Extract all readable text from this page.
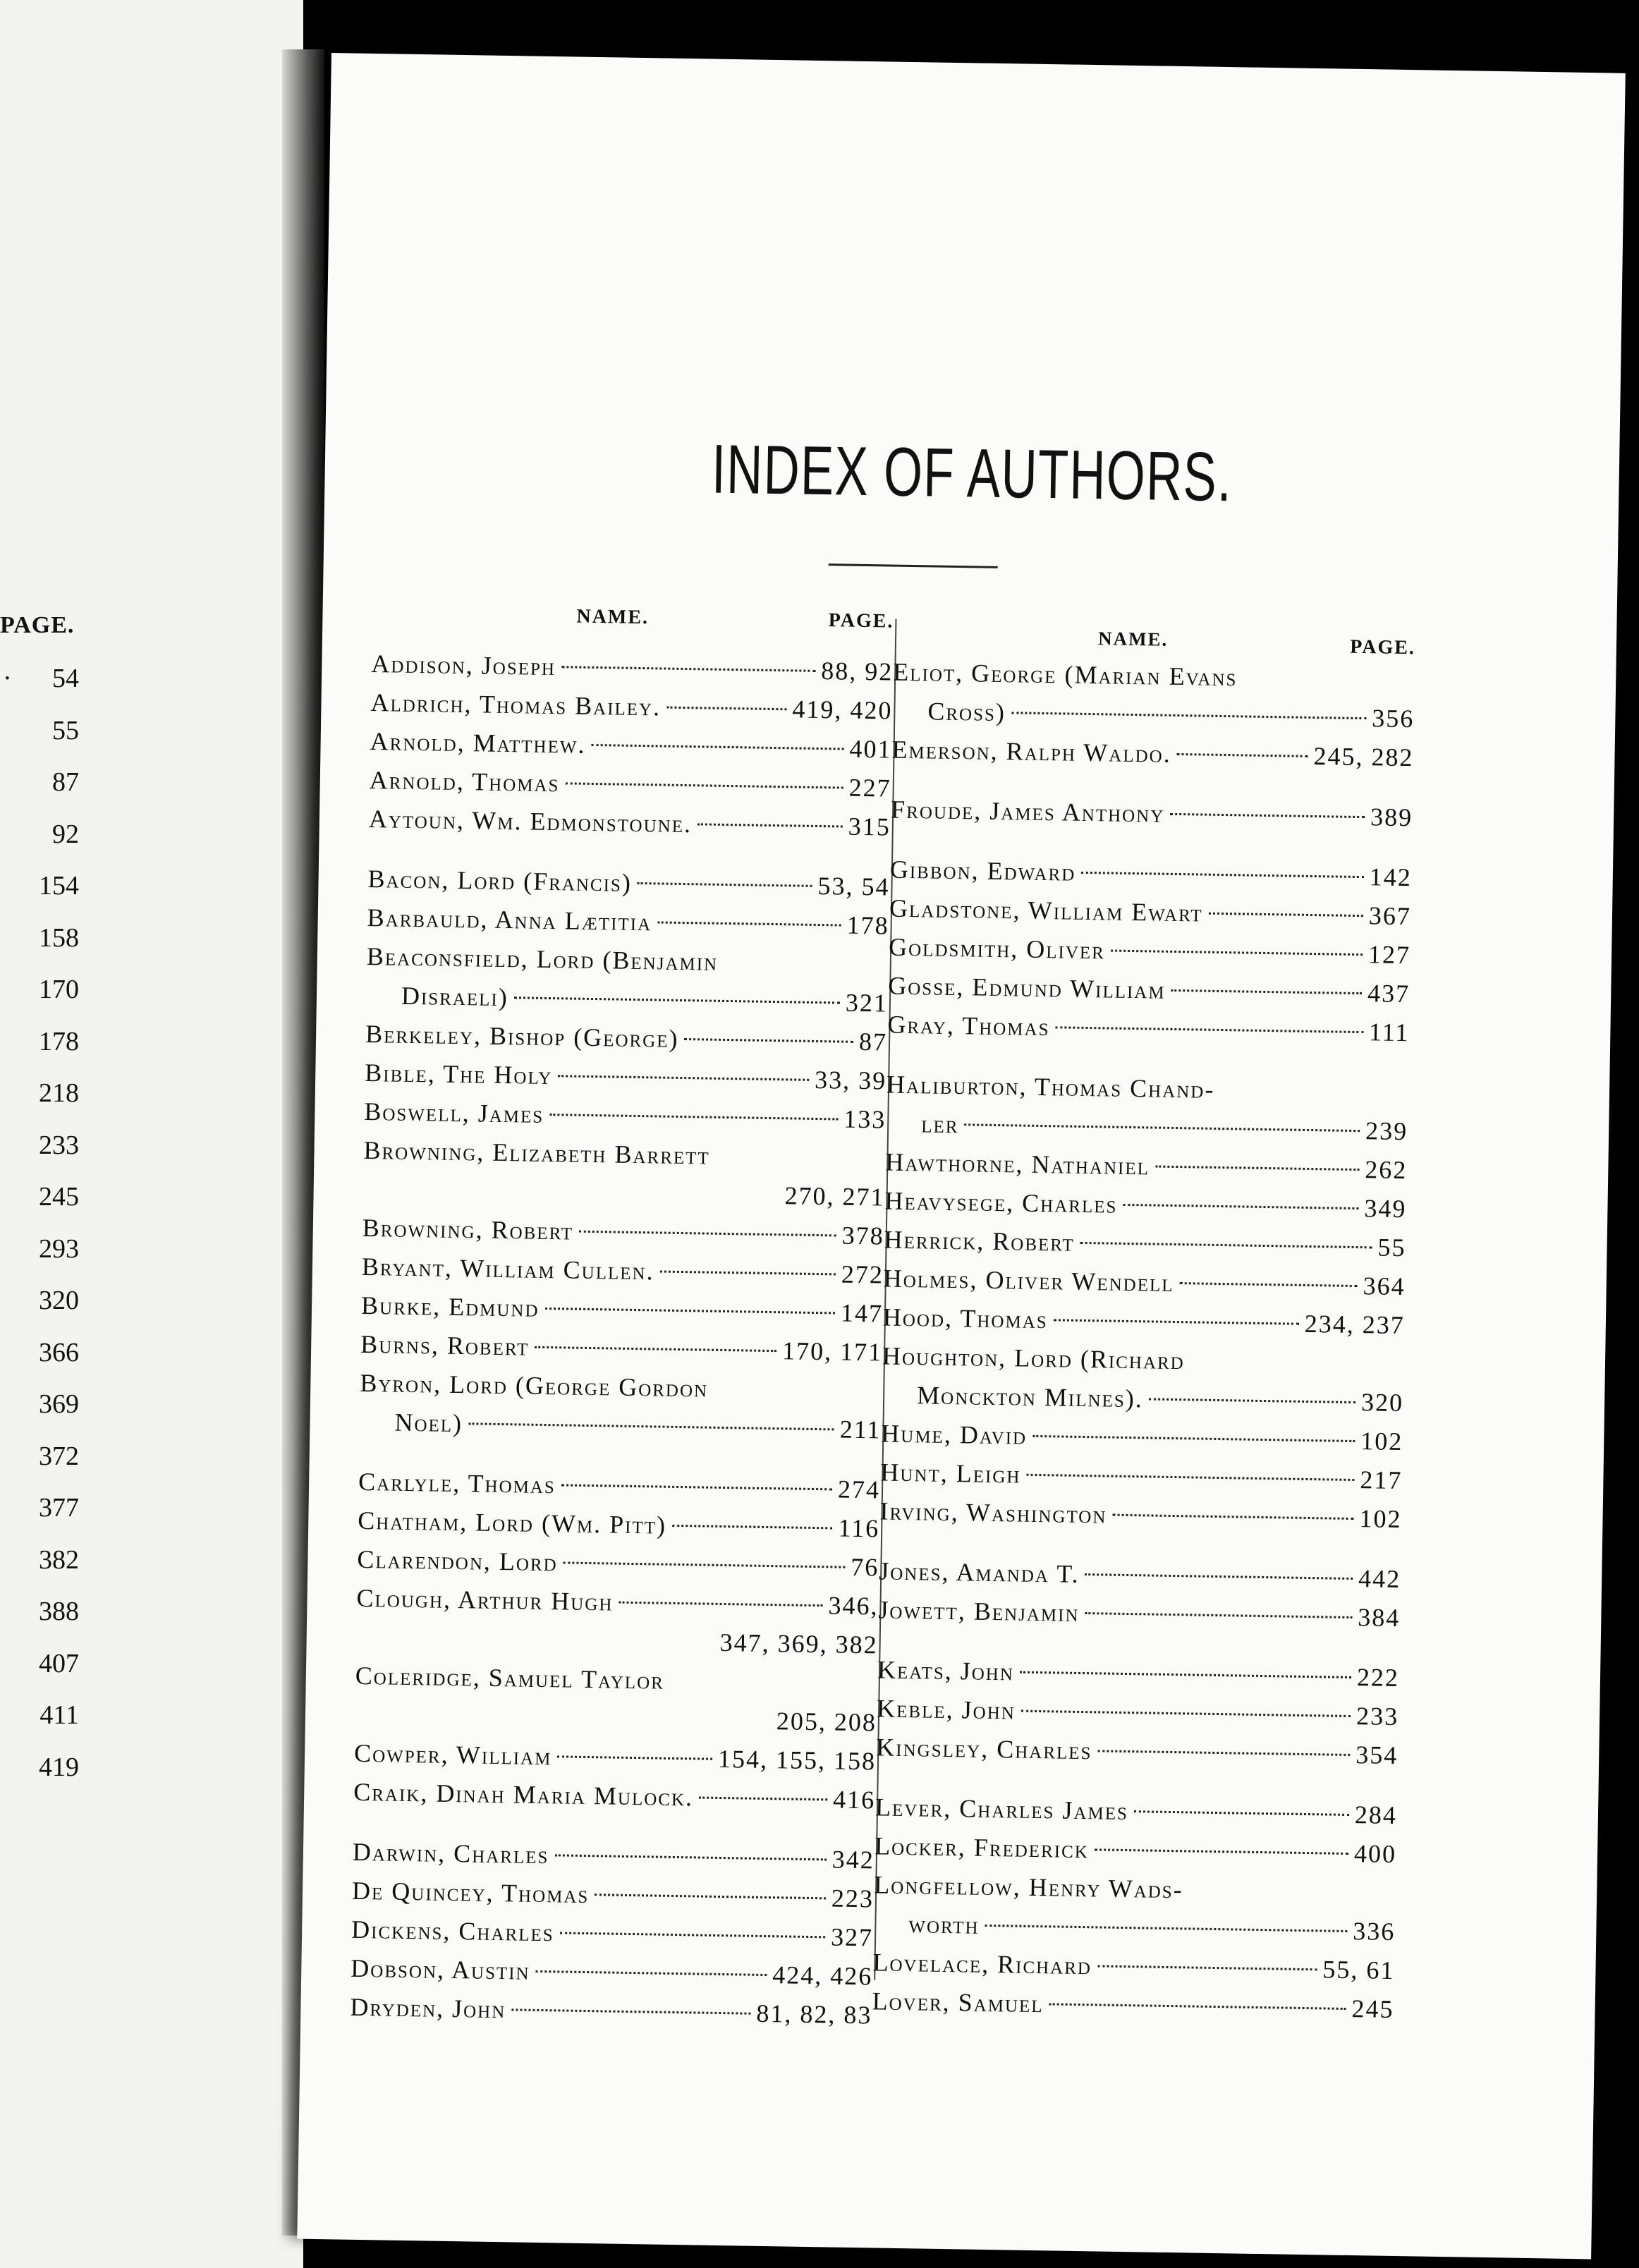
PAGE.
· 54
55
87
92
154
158
170
178
218
233
245
293
320
366
369
372
377
382
388
407
411
419
INDEX OF AUTHORS.
NAME.	PAGE.
Addison, Joseph	88, 92
Aldrich, Thomas Bailey.	419, 420
Arnold, Matthew.	401
Arnold, Thomas	227
Aytoun, Wm. Edmonstoune.	315
Bacon, Lord (Francis)	53, 54
Barbauld, Anna Lætitia	178
Beaconsfield, Lord (Benjamin
Disraeli)	321
Berkeley, Bishop (George)	87
Bible, The Holy	33, 39
Boswell, James	133
Browning, Elizabeth Barrett
270, 271
Browning, Robert	378
Bryant, William Cullen.	272
Burke, Edmund	147
Burns, Robert	170, 171
Byron, Lord (George Gordon
Noel)	211
Carlyle, Thomas	274
Chatham, Lord (Wm. Pitt)	116
Clarendon, Lord	76
Clough, Arthur Hugh	346,
347, 369, 382
Coleridge, Samuel Taylor
205, 208
Cowper, William	154, 155, 158
Craik, Dinah Maria Mulock.	416
Darwin, Charles	342
De Quincey, Thomas	223
Dickens, Charles	327
Dobson, Austin	424, 426
Dryden, John	81, 82, 83
NAME.	PAGE.
Eliot, George (Marian Evans
Cross)	356
Emerson, Ralph Waldo.	245, 282
Froude, James Anthony	389
Gibbon, Edward	142
Gladstone, William Ewart	367
Goldsmith, Oliver	127
Gosse, Edmund William	437
Gray, Thomas	111
Haliburton, Thomas Chand-
ler	239
Hawthorne, Nathaniel	262
Heavysege, Charles	349
Herrick, Robert	55
Holmes, Oliver Wendell	364
Hood, Thomas	234, 237
Houghton, Lord (Richard
Monckton Milnes).	320
Hume, David	102
Hunt, Leigh	217
Irving, Washington	102
Jones, Amanda T.	442
Jowett, Benjamin	384
Keats, John	222
Keble, John	233
Kingsley, Charles	354
Lever, Charles James	284
Locker, Frederick	400
Longfellow, Henry Wads-
worth	336
Lovelace, Richard	55, 61
Lover, Samuel	245
